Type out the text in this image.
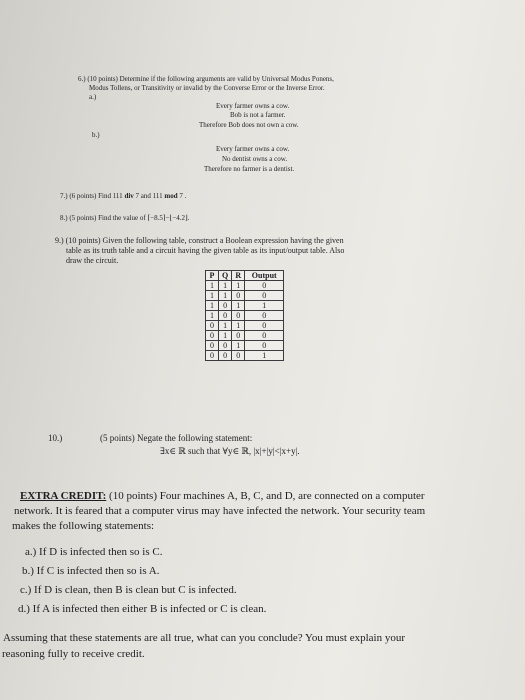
6.) (10 points) Determine if the following arguments are valid by Universal Modus Ponens,
Modus Tollens, or Transitivity or invalid by the Converse Error or the Inverse Error.
a.)
Every farmer owns a cow.
Bob is not a farmer.
Therefore Bob does not own a cow.
b.)
Every farmer owns a cow.
No dentist owns a cow.
Therefore no farmer is a dentist.
7.) (6 points) Find 111 div 7 and 111 mod 7 .
8.) (5 points) Find the value of ⌈−8.5⌉−⌊−4.2⌋.
9.) (10 points) Given the following table, construct a Boolean expression having the given
table as its truth table and a circuit having the given table as its input/output table. Also
draw the circuit.
P	Q	R	Output
1	1	1	0
1	1	0	0
1	0	1	1
1	0	0	0
0	1	1	0
0	1	0	0
0	0	1	0
0	0	0	1
10.)	(5 points) Negate the following statement:
∃x∈ ℝ such that ∀y∈ ℝ, |x|+|y|<|x+y|.
EXTRA CREDIT: (10 points) Four machines A, B, C, and D, are connected on a computer
network. It is feared that a computer virus may have infected the network. Your security team
makes the following statements:
a.) If D is infected then so is C.
b.) If C is infected then so is A.
c.) If D is clean, then B is clean but C is infected.
d.) If A is infected then either B is infected or C is clean.
Assuming that these statements are all true, what can you conclude? You must explain your
reasoning fully to receive credit.
